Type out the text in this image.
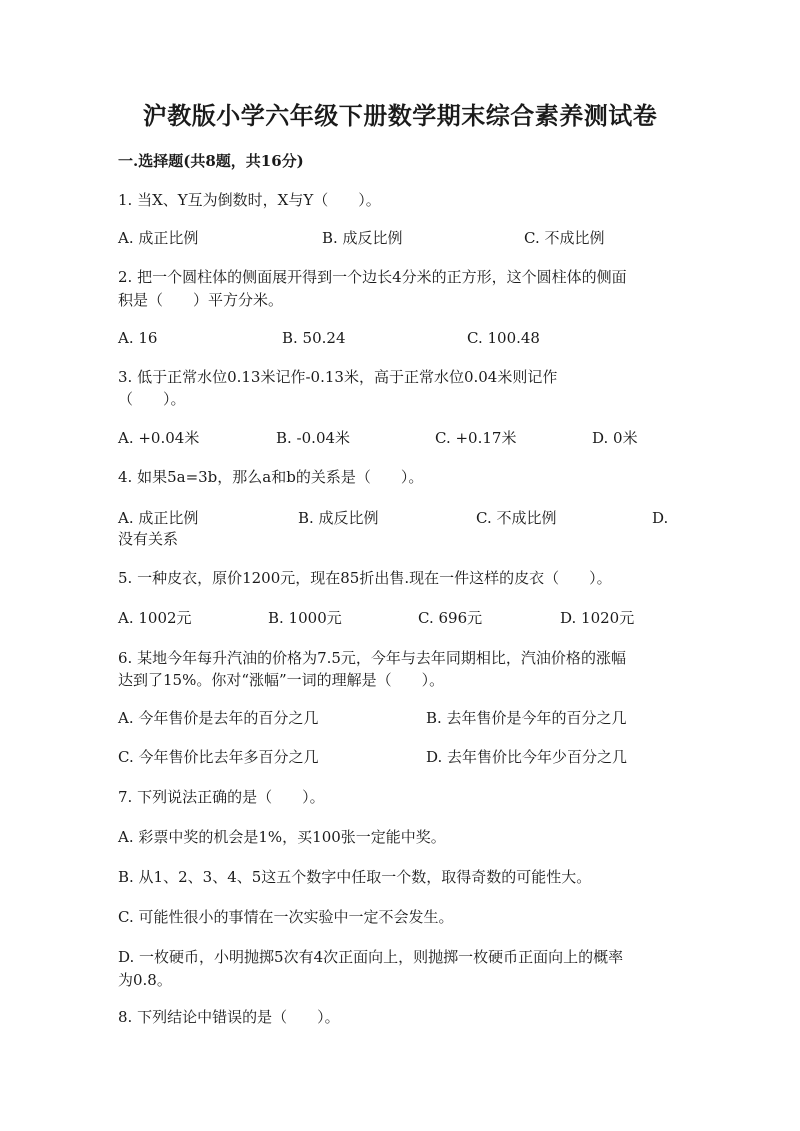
沪教版小学六年级下册数学期末综合素养测试卷
一.选择题(共8题，共16分)
1. 当X、Y互为倒数时，X与Y（　　）。
A. 成正比例	B. 成反比例	C. 不成比例
2. 把一个圆柱体的侧面展开得到一个边长4分米的正方形，这个圆柱体的侧面
积是（　　）平方分米。
A. 16	B. 50.24	C. 100.48
3. 低于正常水位0.13米记作-0.13米，高于正常水位0.04米则记作
（　　）。
A. +0.04米	B. -0.04米	C. +0.17米	D. 0米
4. 如果5a=3b，那么a和b的关系是（　　）。
A. 成正比例	B. 成反比例	C. 不成比例	D.
没有关系
5. 一种皮衣，原价1200元，现在85折出售.现在一件这样的皮衣（　　）。
A. 1002元	B. 1000元	C. 696元	D. 1020元
6. 某地今年每升汽油的价格为7.5元，今年与去年同期相比，汽油价格的涨幅
达到了15%。你对“涨幅”一词的理解是（　　）。
A. 今年售价是去年的百分之几	B. 去年售价是今年的百分之几
C. 今年售价比去年多百分之几	D. 去年售价比今年少百分之几
7. 下列说法正确的是（　　）。
A. 彩票中奖的机会是1%，买100张一定能中奖。
B. 从1、2、3、4、5这五个数字中任取一个数，取得奇数的可能性大。
C. 可能性很小的事情在一次实验中一定不会发生。
D. 一枚硬币，小明抛掷5次有4次正面向上，则抛掷一枚硬币正面向上的概率
为0.8。
8. 下列结论中错误的是（　　）。
